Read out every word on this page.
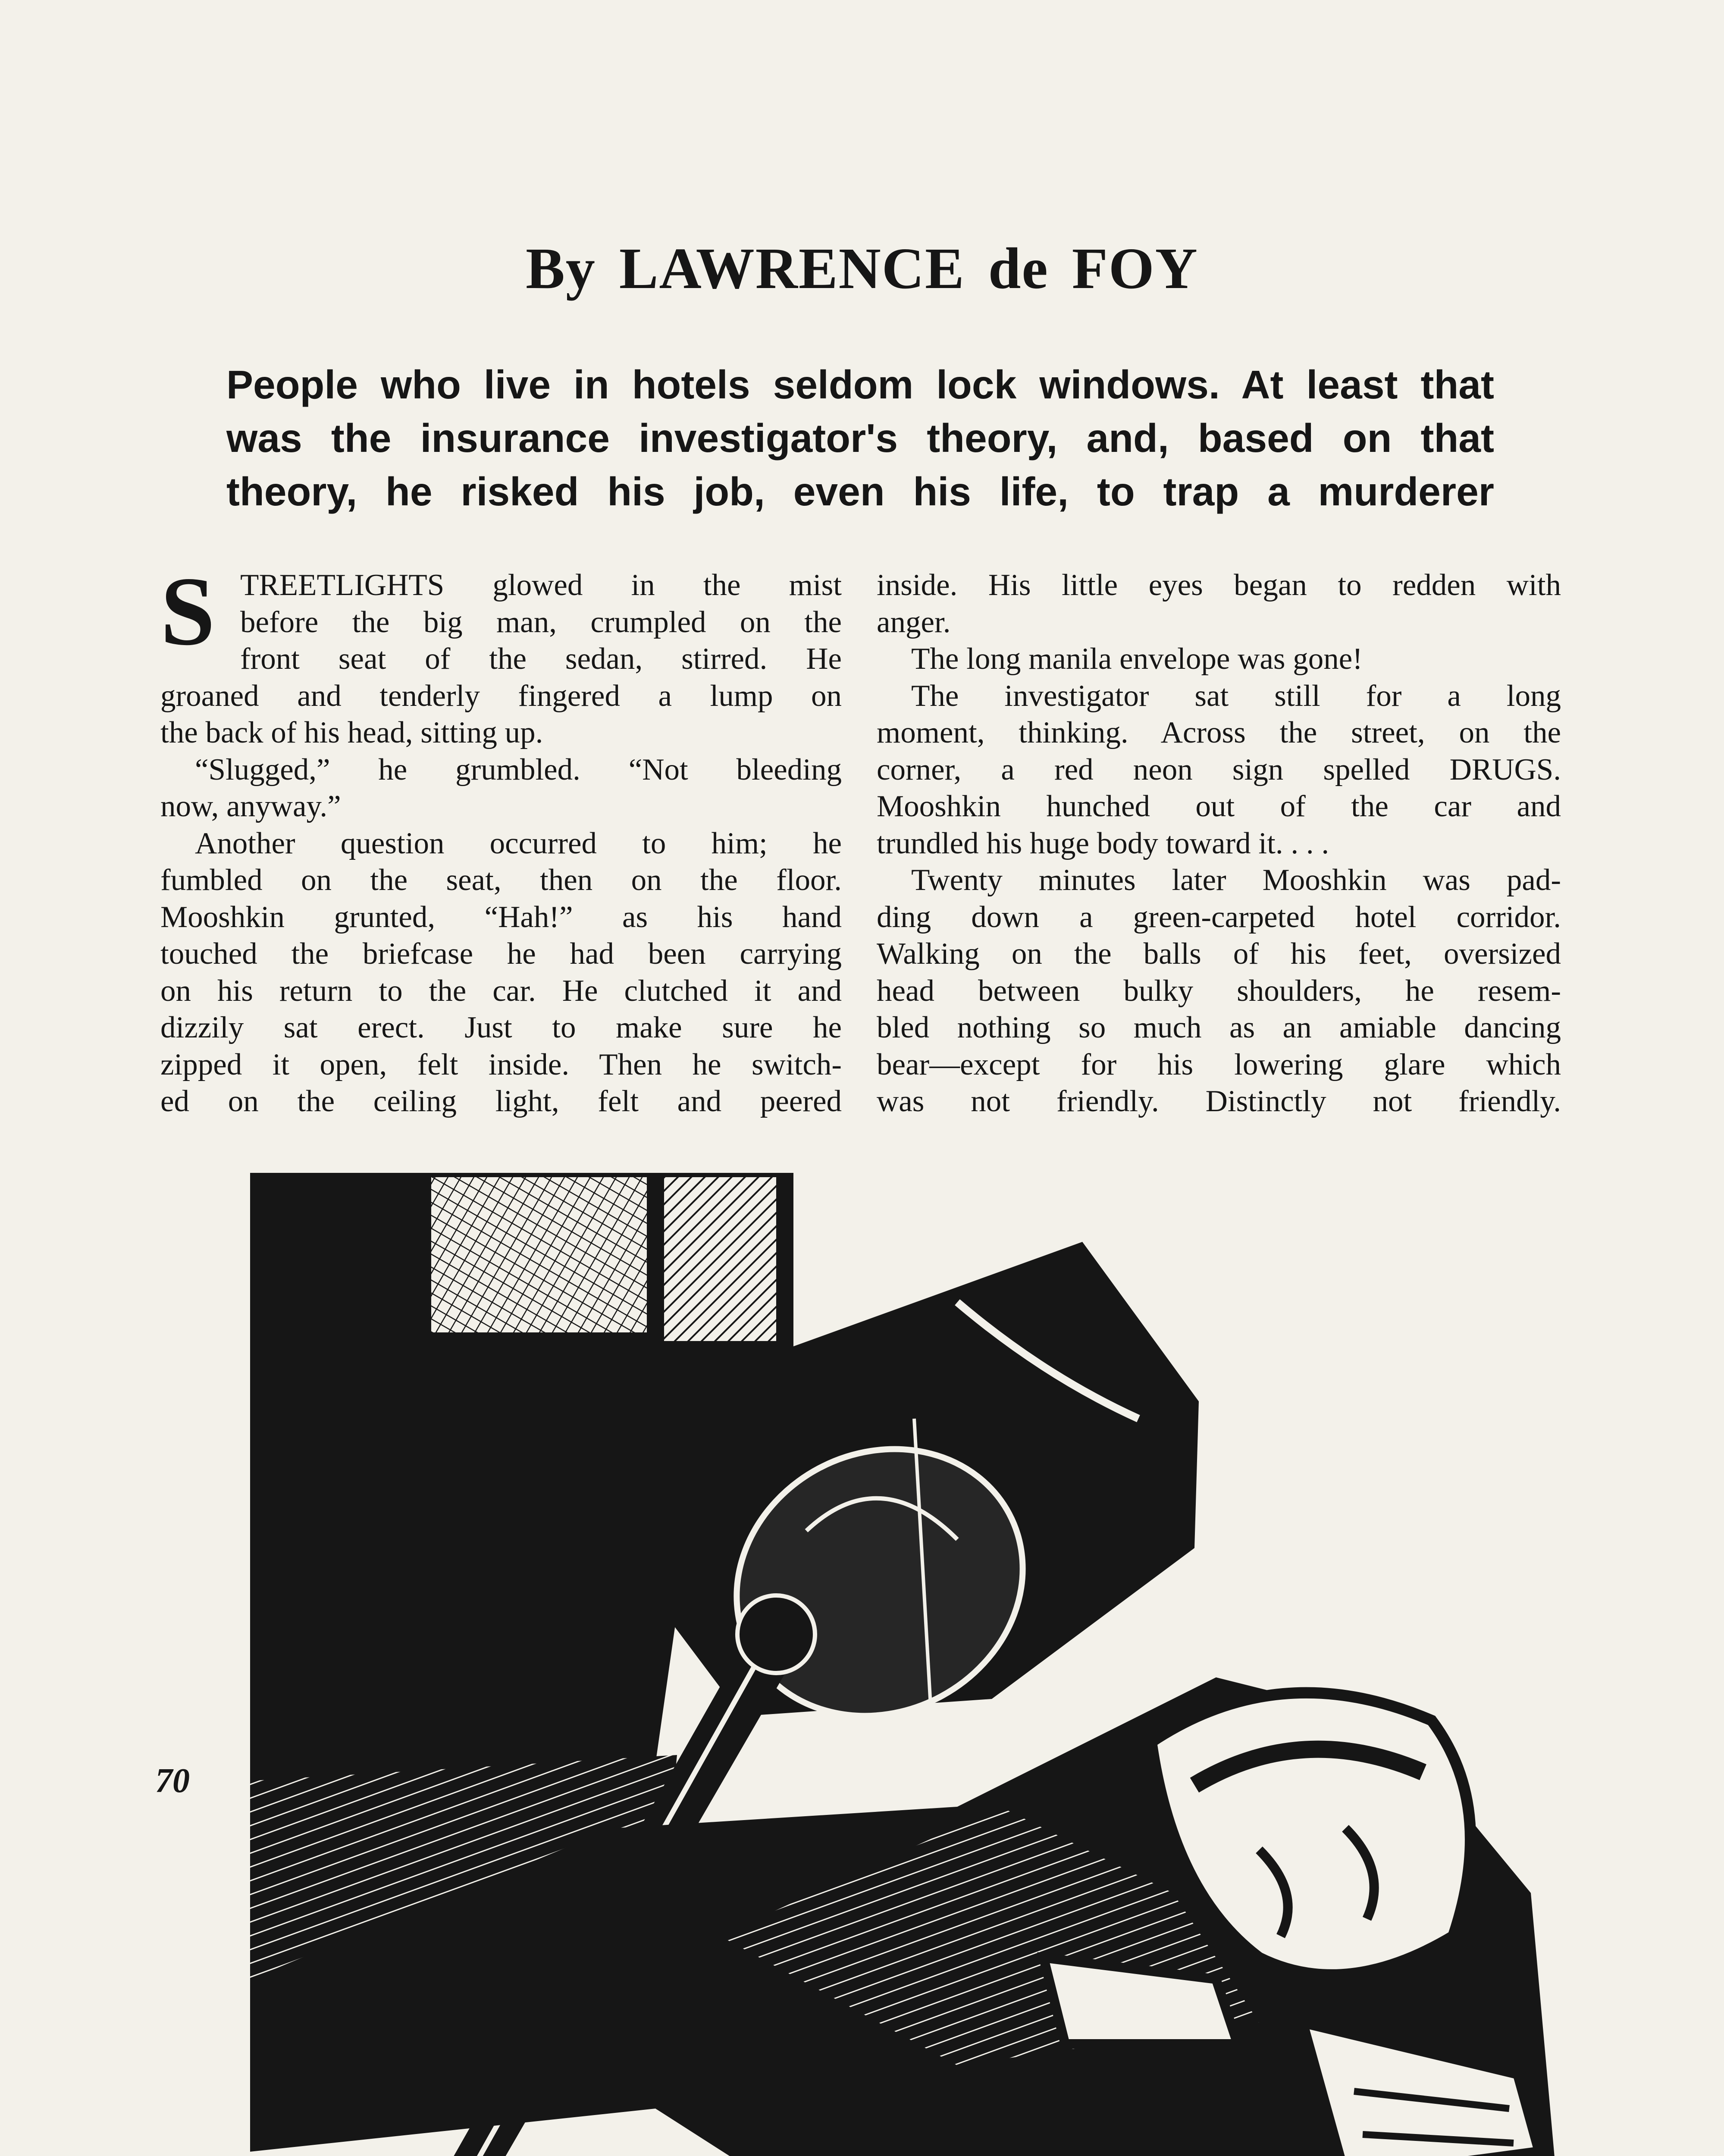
By LAWRENCE de FOY
People who live in hotels seldom lock windows. At least that
was the insurance investigator's theory, and, based on that
theory, he risked his job, even his life, to trap a murderer
S TREETLIGHTS glowed in the mist
before the big man, crumpled on the
front seat of the sedan, stirred. He
groaned and tenderly fingered a lump on
the back of his head, sitting up.
“Slugged,” he grumbled. “Not bleeding
now, anyway.”
Another question occurred to him; he
fumbled on the seat, then on the floor.
Mooshkin grunted, “Hah!” as his hand
touched the briefcase he had been carrying
on his return to the car. He clutched it and
dizzily sat erect. Just to make sure he
zipped it open, felt inside. Then he switch-
ed on the ceiling light, felt and peered
inside. His little eyes began to redden with
anger.
The long manila envelope was gone!
The investigator sat still for a long
moment, thinking. Across the street, on the
corner, a red neon sign spelled DRUGS.
Mooshkin hunched out of the car and
trundled his huge body toward it. . . .
Twenty minutes later Mooshkin was pad-
ding down a green-carpeted hotel corridor.
Walking on the balls of his feet, oversized
head between bulky shoulders, he resem-
bled nothing so much as an amiable dancing
bear—except for his lowering glare which
was not friendly. Distinctly not friendly.
70
